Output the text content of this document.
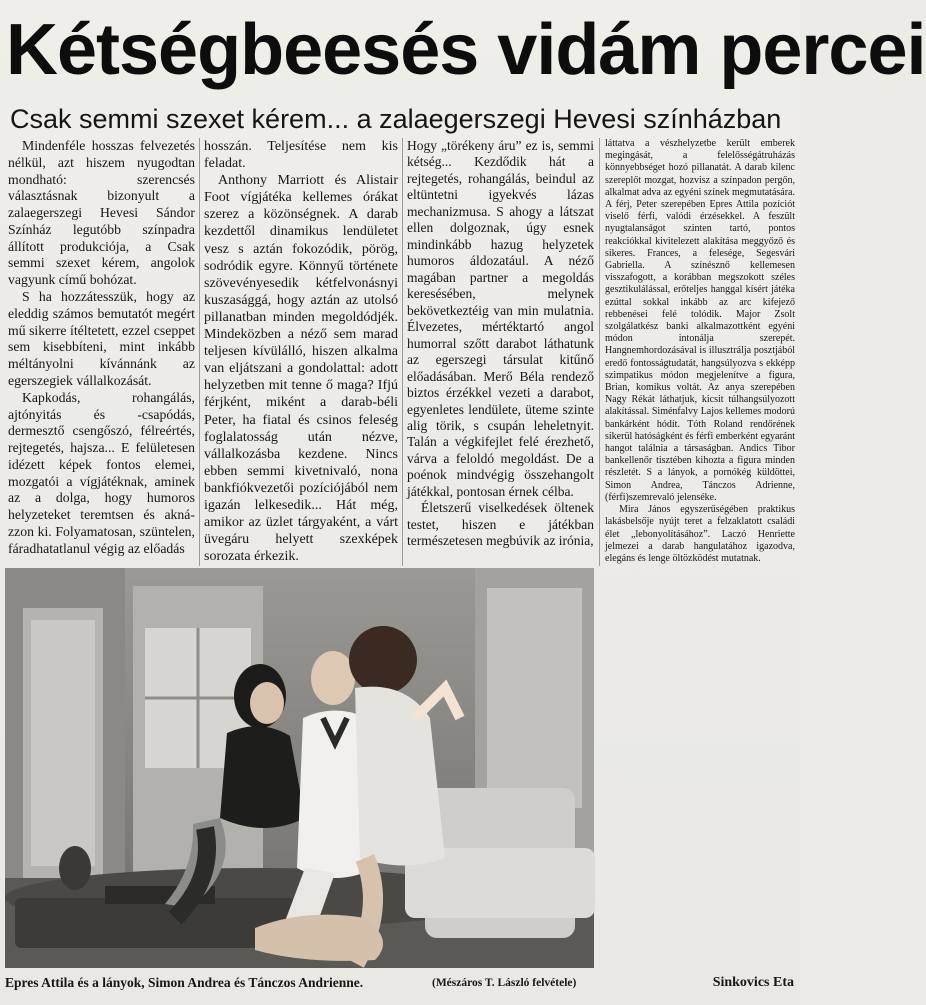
Kétségbeesés vidám percei
Csak semmi szexet kérem... a zalaegerszegi Hevesi színházban

Mindenféle hosszas felvezetés nélkül, azt hiszem nyugodtan mondható: szerencsés választásnak bizonyult a zalaegerszegi Hevesi Sándor Színház legutóbb színpadra állított produkciója, a Csak semmi szexet kérem, angolok vagyunk című bohózat.

S ha hozzátesszük, hogy az eleddig számos bemutatót megért mű sikerre ítéltetett, ezzel cseppet sem kisebbíteni, mint inkább méltányolni kívánnánk az egerszegiek vállalkozását.

Kapkodás, rohangálás, ajtónyitás és -csapódás, dermesztő csengőszó, félreértés, rejtegetés, hajsza... E felületesen idézett képek fontos elemei, mozgatói a vígjátéknak, aminek az a dolga, hogy humoros helyzeteket teremtsen és aknázzon ki. Folyamatosan, szüntelen, fáradhatatlanul végig az előadás

hosszán. Teljesítése nem kis feladat.

Anthony Marriott és Alistair Foot vígjátéka kellemes órákat szerez a közönségnek. A darab kezdettől dinamikus lendületet vesz s aztán fokozódik, pörög, sodródik egyre. Könnyű története szövevényesedik kétfelvonásnyi kuszasággá, hogy aztán az utolsó pillanatban minden megoldódjék. Mindeközben a néző sem marad teljesen kívülálló, hiszen alkalma van eljátszani a gondolattal: adott helyzetben mit tenne ő maga? Ifjú férjként, miként a darab-béli Peter, ha fiatal és csinos feleség foglalatosság után nézve, vállalkozásba kezdene. Nincs ebben semmi kivetnivaló, nona bankfiókvezetői pozíciójából nem igazán lelkesedik... Hát még, amikor az üzlet tárgyaként, a várt üvegáru helyett szexképek sorozata érkezik.

Hogy „törékeny áru” ez is, semmi kétség... Kezdődik hát a rejtegetés, rohangálás, beindul az eltüntetni igyekvés lázas mechanizmusa. S ahogy a látszat ellen dolgoznak, úgy esnek mindinkább hazug helyzetek humoros áldozatául. A néző magában partner a megoldás keresésében, melynek bekövetkeztéig van min mulatnia. Élvezetes, mértéktartó angol humorral szőtt darabot láthatunk az egerszegi társulat kitűnő előadásában. Merő Béla rendező biztos érzékkel vezeti a darabot, egyenletes lendülete, üteme szinte alig törik, s csupán leheletnyit. Talán a végkifejlet felé érezhető, várva a feloldó megoldást. De a poénok mindvégig összehangolt játékkal, pontosan érnek célba.

Életszerű viselkedések öltenek testet, hiszen e játékban természetesen megbúvik az irónia,

láttatva a vészhelyzetbe került emberek megingását, a felelősségátruházás könnyebbséget hozó pillanatát. A darab kilenc szereplőt mozgat, hozvisz a színpadon pergőn, alkalmat adva az egyéni színek megmutatására. A férj, Peter szerepében Epres Attila pozíciót viselő férfi, valódi érzésekkel. A feszült nyugtalanságot szinten tartó, pontos reakciókkal kivitelezett alakítása meggyőző és sikeres. Frances, a felesége, Segesvári Gabriella. A színésznő kellemesen visszafogott, a korábban megszokott széles gesztikulálással, erőteljes hanggal kísért játéka ezúttal sokkal inkább az arc kifejező rebbenései felé tolódik. Major Zsolt szolgálatkész banki alkalmazottként egyéni módon intonálja szerepét. Hangnemhordozásával is illusztrálja posztjából eredő fontosságtudatát, hangsúlyozva s ekképp szimpatikus módon megjelenítve a figura, Brian, komikus voltát. Az anya szerepében Nagy Rékát láthatjuk, kicsit túlhangsúlyozott alakítással. Siménfalvy Lajos kellemes modorú bankárként hódít. Tóth Roland rendőrének sikerül hatóságként és férfi emberként egyaránt hangot találnia a társaságban. Andics Tibor bankellenőr tisztében kihozta a figura minden részletét. S a lányok, a pornókég küldöttei, Simon Andrea, Tánczos Adrienne, (férfi)szemrevaló jelenséke.

Mira János egyszerűségében praktikus lakásbelsője nyújt teret a felzaklatott családi élet „lebonyolításához”. Laczó Henriette jelmezei a darab hangulatához igazodva, elegáns és lenge öltözködést mutatnak.

Epres Attila és a lányok, Simon Andrea és Tánczos Andrienne.	(Mészáros T. László felvétele)	Sinkovics Eta
